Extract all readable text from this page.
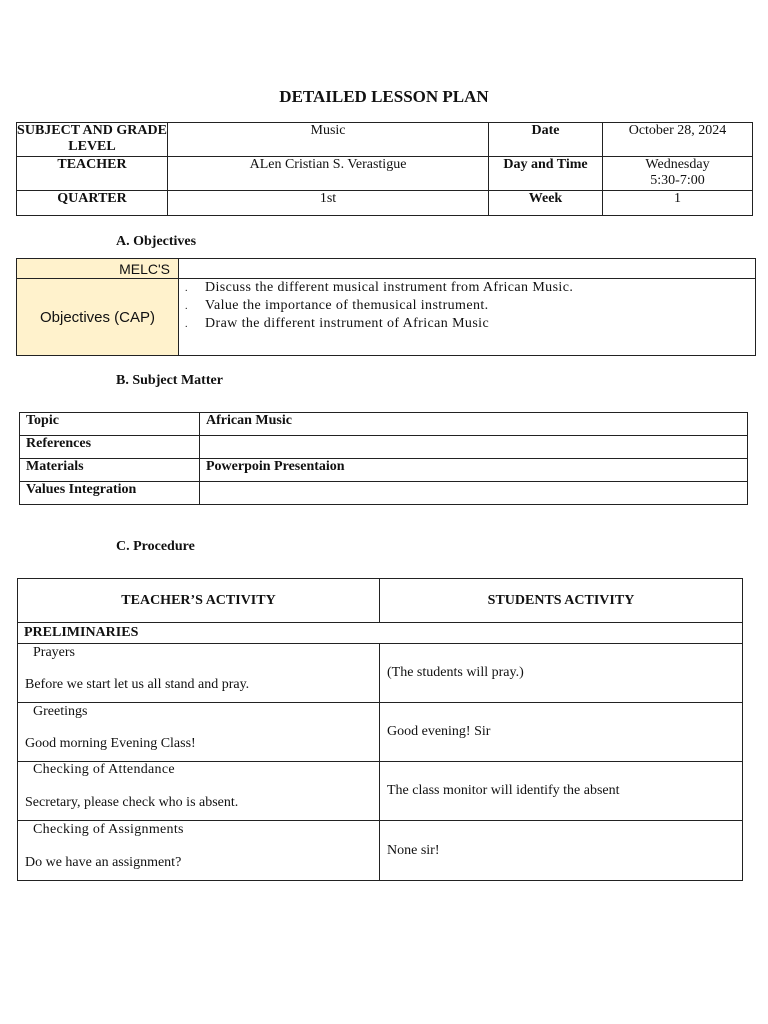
DETAILED LESSON PLAN
SUBJECT AND GRADE LEVEL	Music	Date	October 28, 2024
TEACHER	ALen Cristian S. Verastigue	Day and Time	Wednesday
5:30-7:00

QUARTER	1st	Week	1
A. Objectives
MELC'S	
Objectives (CAP)	. Discuss the different musical instrument from African Music.
. Value the importance of themusical instrument.
. Draw the different instrument of African Music
B. Subject Matter
Topic	African Music
References	
Materials	Powerpoin Presentaion
Values Integration	
C. Procedure
TEACHER’S ACTIVITY	STUDENTS ACTIVITY
PRELIMINARIES	

Prayers
Before we start let us all stand and pray.	(The students will pray.)

Greetings
Good morning Evening Class!	Good evening! Sir

Checking of Attendance
Secretary, please check who is absent.	The class monitor will identify the absent

Checking of Assignments
Do we have an assignment?	None sir!
